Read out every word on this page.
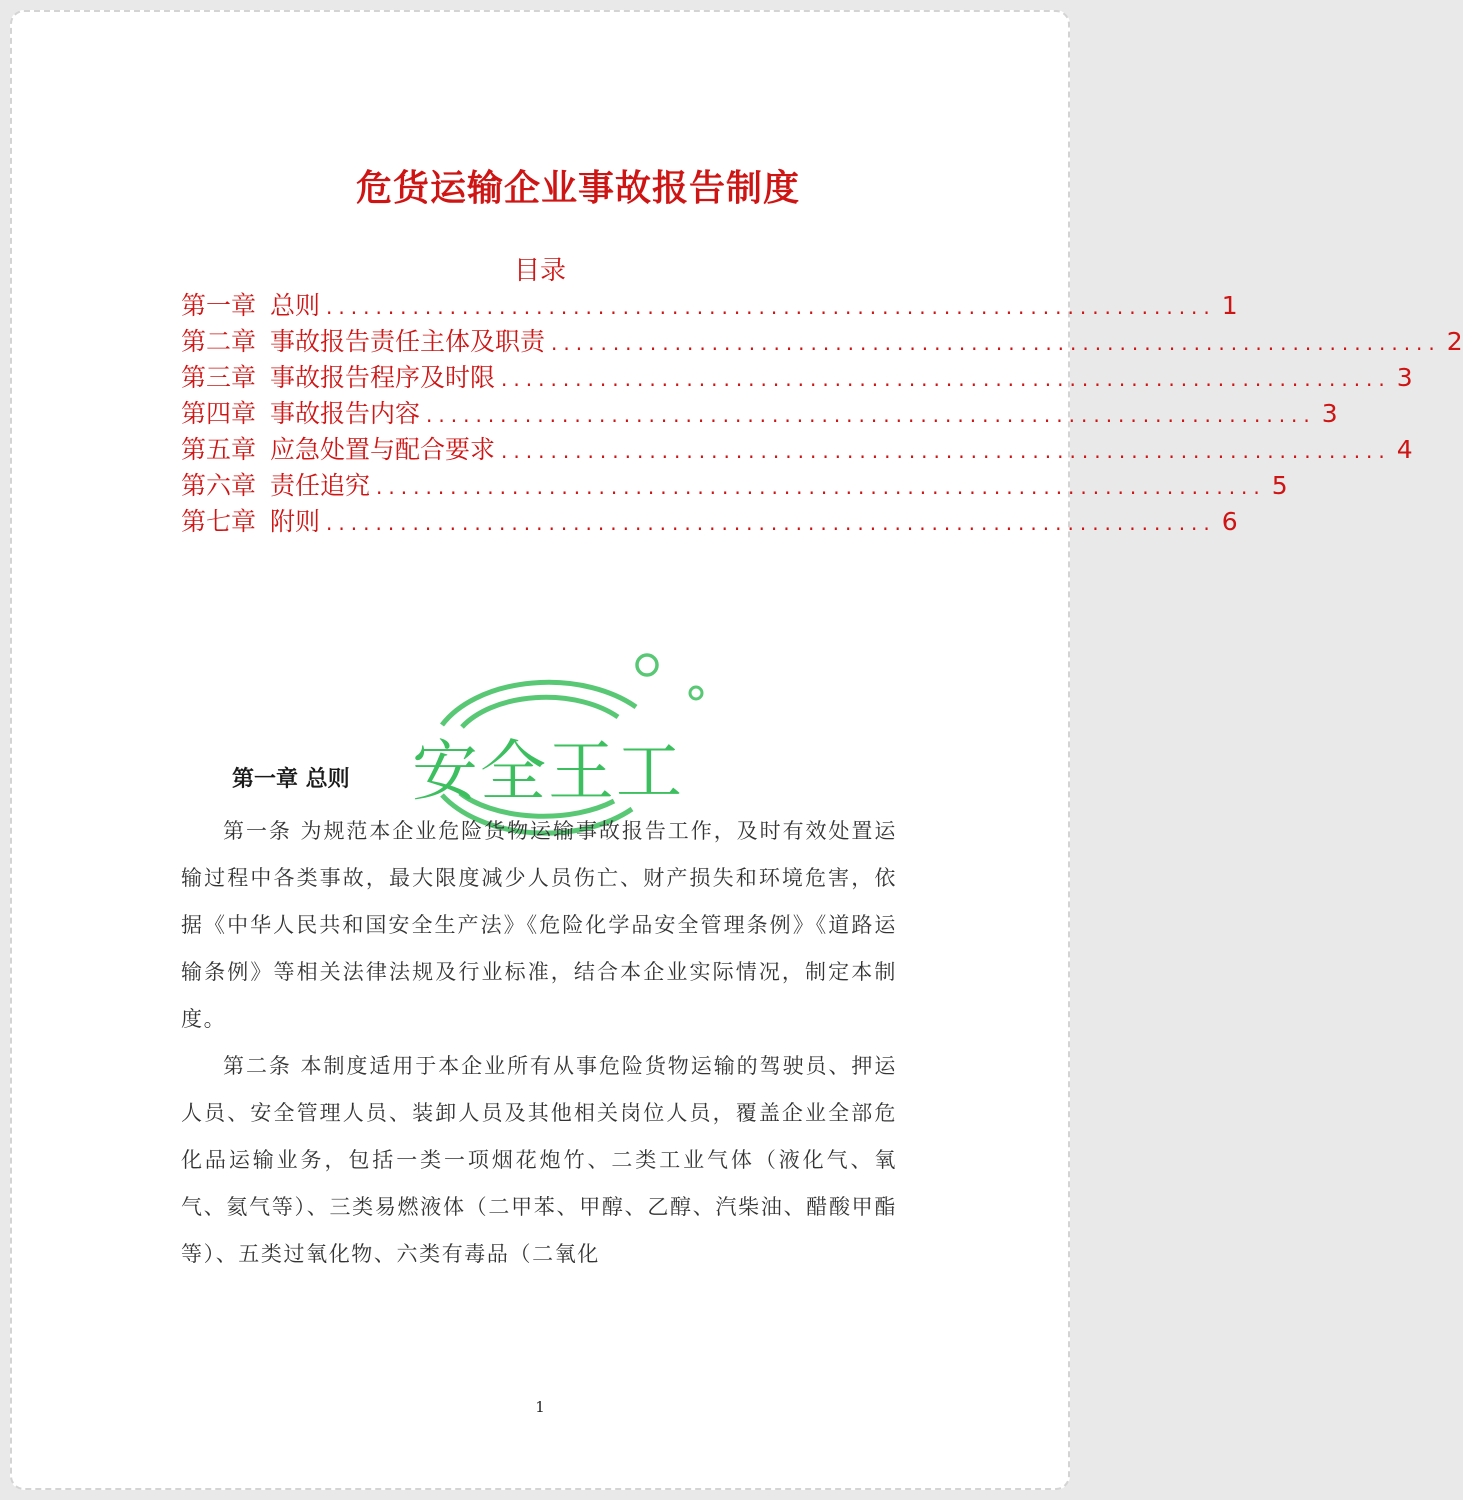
危货运输企业事故报告制度
目录
第一章 总则 ........................................................................ 1
第二章 事故报告责任主体及职责 ........................................................................ 2
第三章 事故报告程序及时限 ........................................................................ 3
第四章 事故报告内容 ........................................................................ 3
第五章 应急处置与配合要求 ........................................................................ 4
第六章 责任追究 ........................................................................ 5
第七章 附则 ........................................................................ 6
安全王工
第一章 总则

第一条 为规范本企业危险货物运输事故报告工作，及时有效处置运输过程中各类事故，最大限度减少人员伤亡、财产损失和环境危害，依据《中华人民共和国安全生产法》《危险化学品安全管理条例》《道路运输条例》等相关法律法规及行业标准，结合本企业实际情况，制定本制度。

第二条 本制度适用于本企业所有从事危险货物运输的驾驶员、押运人员、安全管理人员、装卸人员及其他相关岗位人员，覆盖企业全部危化品运输业务，包括一类一项烟花炮竹、二类工业气体（液化气、氧气、氦气等）、三类易燃液体（二甲苯、甲醇、乙醇、汽柴油、醋酸甲酯等）、五类过氧化物、六类有毒品（二氧化

1
